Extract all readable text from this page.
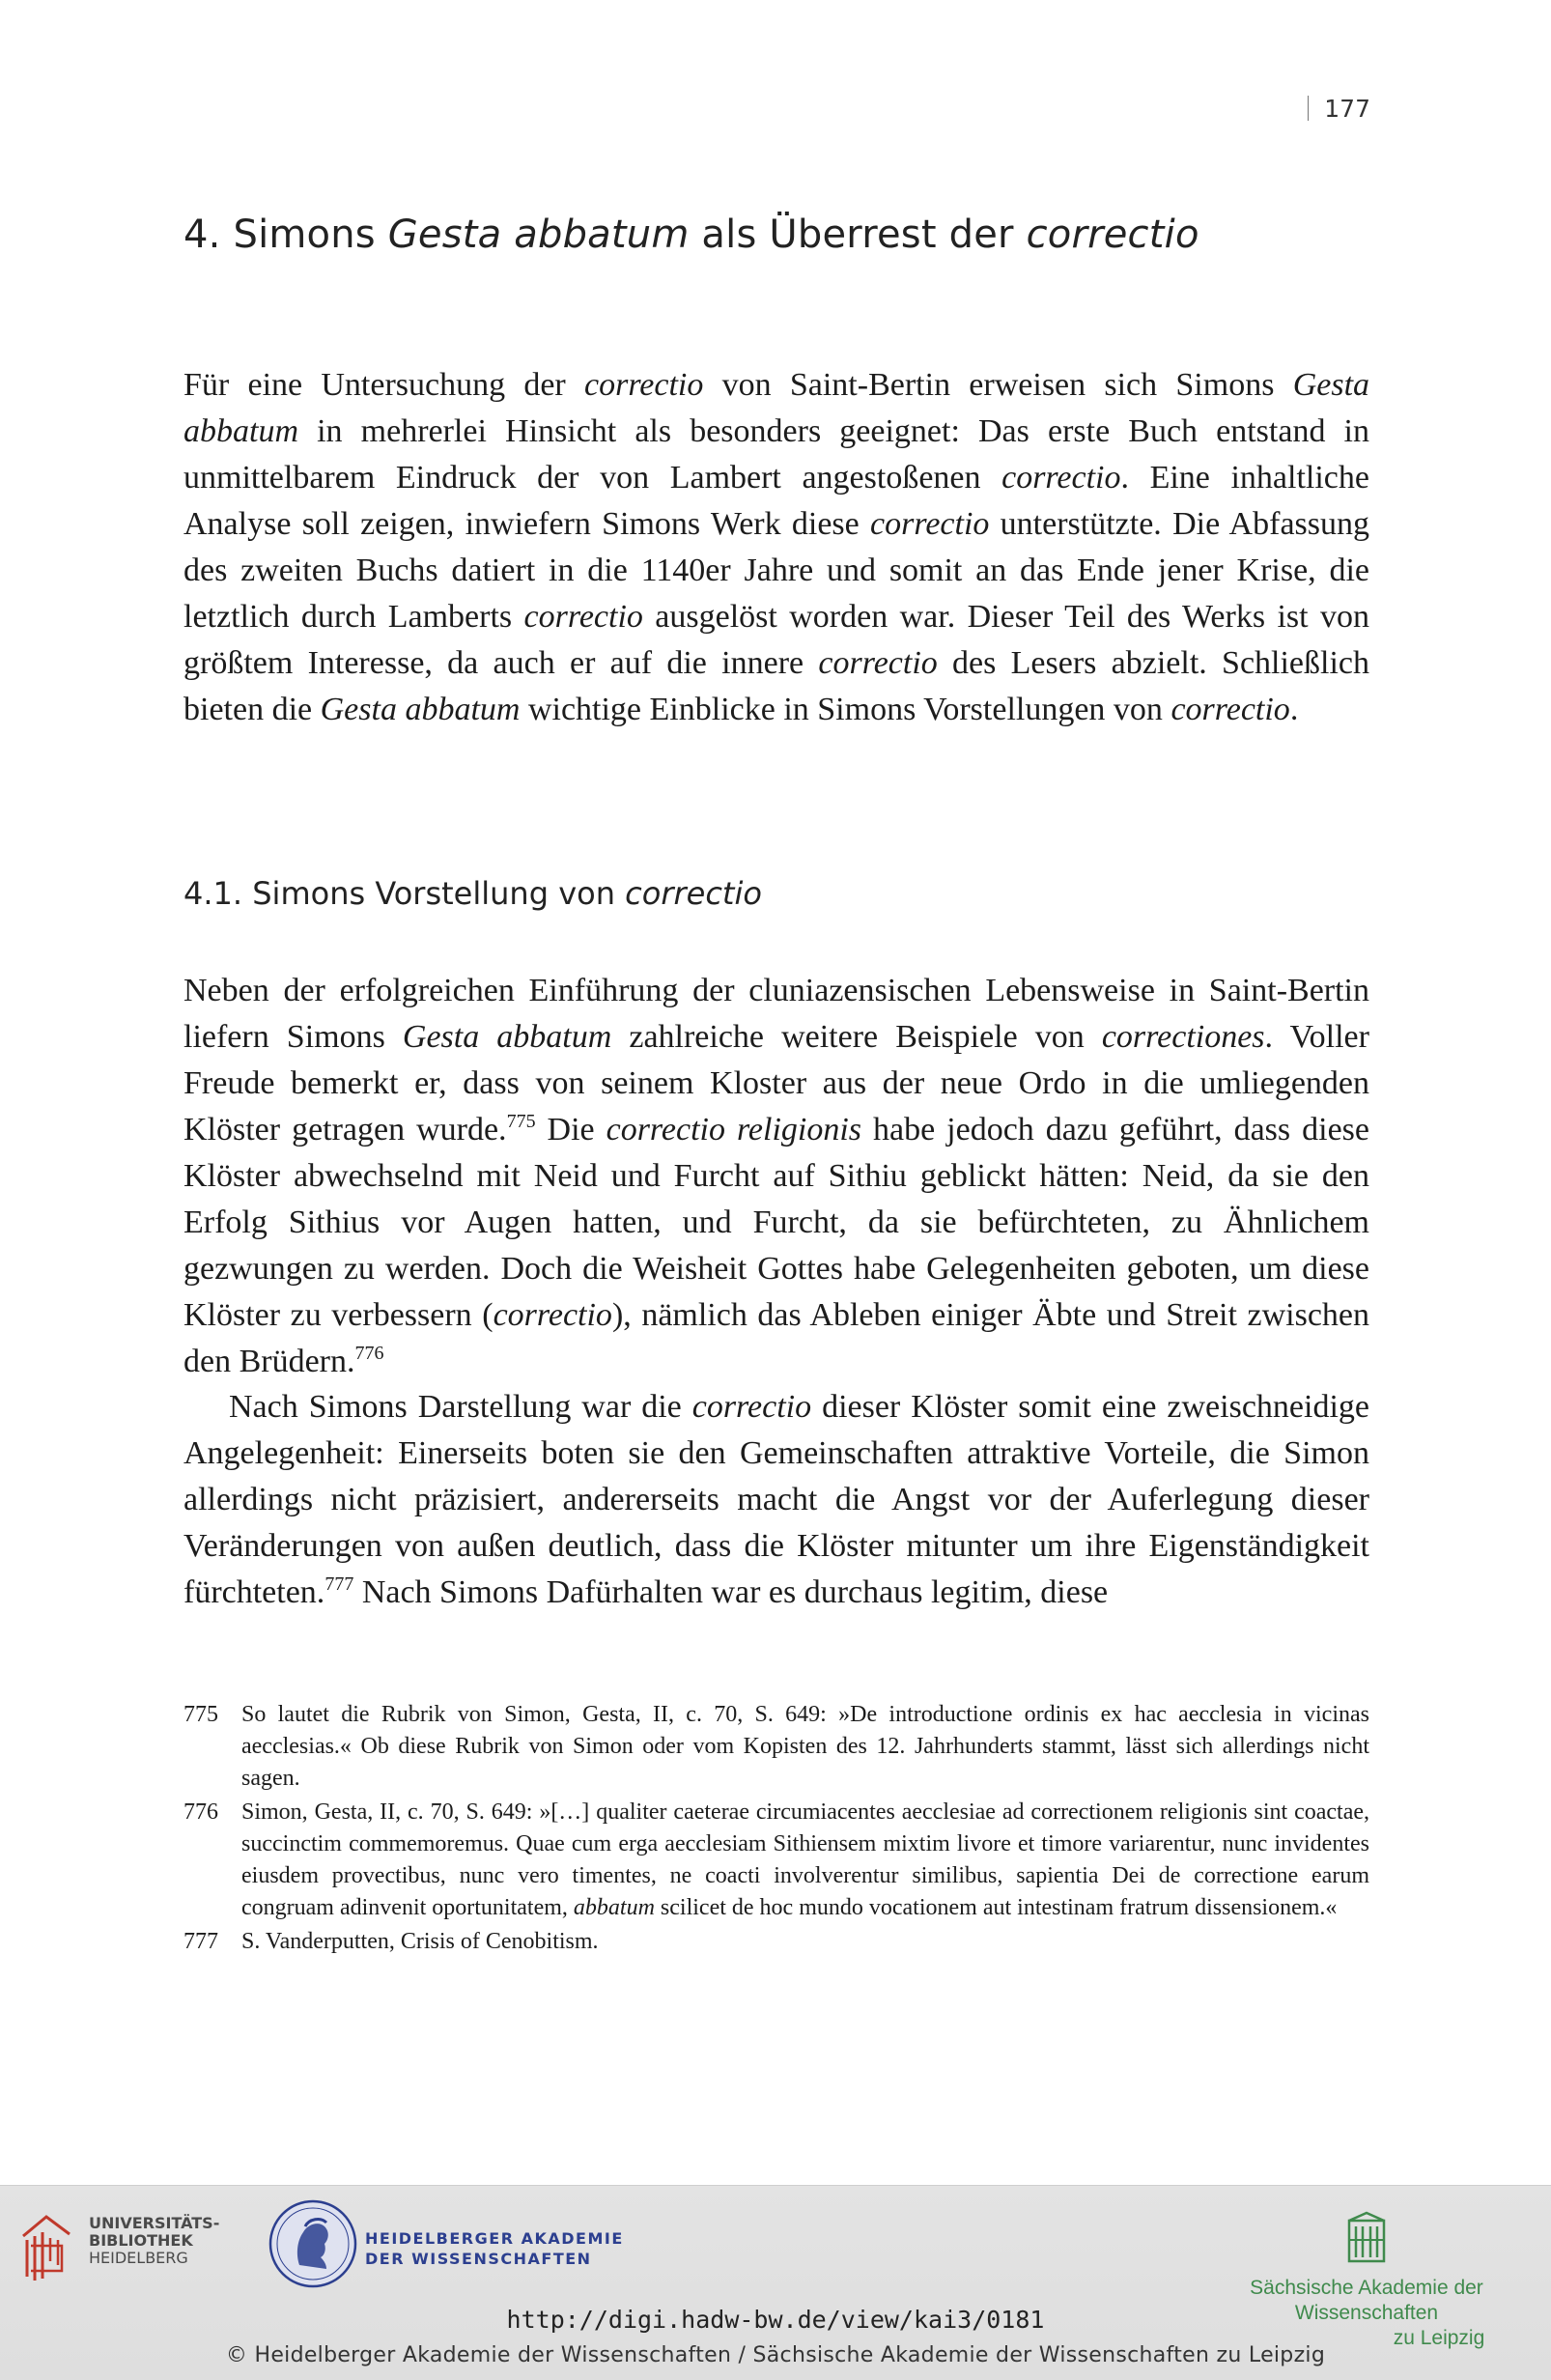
177
4. Simons Gesta abbatum als Überrest der correctio

Für eine Untersuchung der correctio von Saint-Bertin erweisen sich Simons Gesta abbatum in mehrerlei Hinsicht als besonders geeignet: Das erste Buch entstand in unmittelbarem Eindruck der von Lambert angestoßenen correctio. Eine inhaltliche Analyse soll zeigen, inwiefern Simons Werk diese correctio unterstützte. Die Abfassung des zweiten Buchs datiert in die 1140er Jahre und somit an das Ende jener Krise, die letztlich durch Lamberts correctio ausgelöst worden war. Dieser Teil des Werks ist von größtem Interesse, da auch er auf die innere correctio des Lesers abzielt. Schließlich bieten die Gesta abbatum wichtige Einblicke in Simons Vorstellungen von correctio.

4.1. Simons Vorstellung von correctio

Neben der erfolgreichen Einführung der cluniazensischen Lebensweise in Saint-Bertin liefern Simons Gesta abbatum zahlreiche weitere Beispiele von correctiones. Voller Freude bemerkt er, dass von seinem Kloster aus der neue Ordo in die umliegenden Klöster getragen wurde.$^{775}$ Die correctio religionis habe jedoch dazu geführt, dass diese Klöster abwechselnd mit Neid und Furcht auf Sithiu geblickt hätten: Neid, da sie den Erfolg Sithius vor Augen hatten, und Furcht, da sie befürchteten, zu Ähnlichem gezwungen zu werden. Doch die Weisheit Gottes habe Gelegenheiten geboten, um diese Klöster zu verbessern (correctio), nämlich das Ableben einiger Äbte und Streit zwischen den Brüdern.$^{776}$

Nach Simons Darstellung war die correctio dieser Klöster somit eine zweischneidige Angelegenheit: Einerseits boten sie den Gemeinschaften attraktive Vorteile, die Simon allerdings nicht präzisiert, andererseits macht die Angst vor der Auferlegung dieser Veränderungen von außen deutlich, dass die Klöster mitunter um ihre Eigenständigkeit fürchteten.$^{777}$ Nach Simons Dafürhalten war es durchaus legitim, diese

775 So lautet die Rubrik von Simon, Gesta, II, c. 70, S. 649: »De introductione ordinis ex hac aecclesia in vicinas aecclesias.« Ob diese Rubrik von Simon oder vom Kopisten des 12. Jahrhunderts stammt, lässt sich allerdings nicht sagen.
776 Simon, Gesta, II, c. 70, S. 649: »[…] qualiter caeterae circumiacentes aecclesiae ad correctionem religionis sint coactae, succinctim commemoremus. Quae cum erga aecclesiam Sithiensem mixtim livore et timore variarentur, nunc invidentes eiusdem provectibus, nunc vero timentes, ne coacti involverentur similibus, sapientia Dei de correctione earum congruam adinvenit oportunitatem, abbatum scilicet de hoc mundo vocationem aut intestinam fratrum dissensionem.«
777 S. Vanderputten, Crisis of Cenobitism.
UNIVERSITÄTS-
BIBLIOTHEK
HEIDELBERG
HEIDELBERGER AKADEMIE
DER WISSENSCHAFTEN
Sächsische Akademie der Wissenschaften
zu Leipzig
http://digi.hadw-bw.de/view/kai3/0181
© Heidelberger Akademie der Wissenschaften / Sächsische Akademie der Wissenschaften zu Leipzig
